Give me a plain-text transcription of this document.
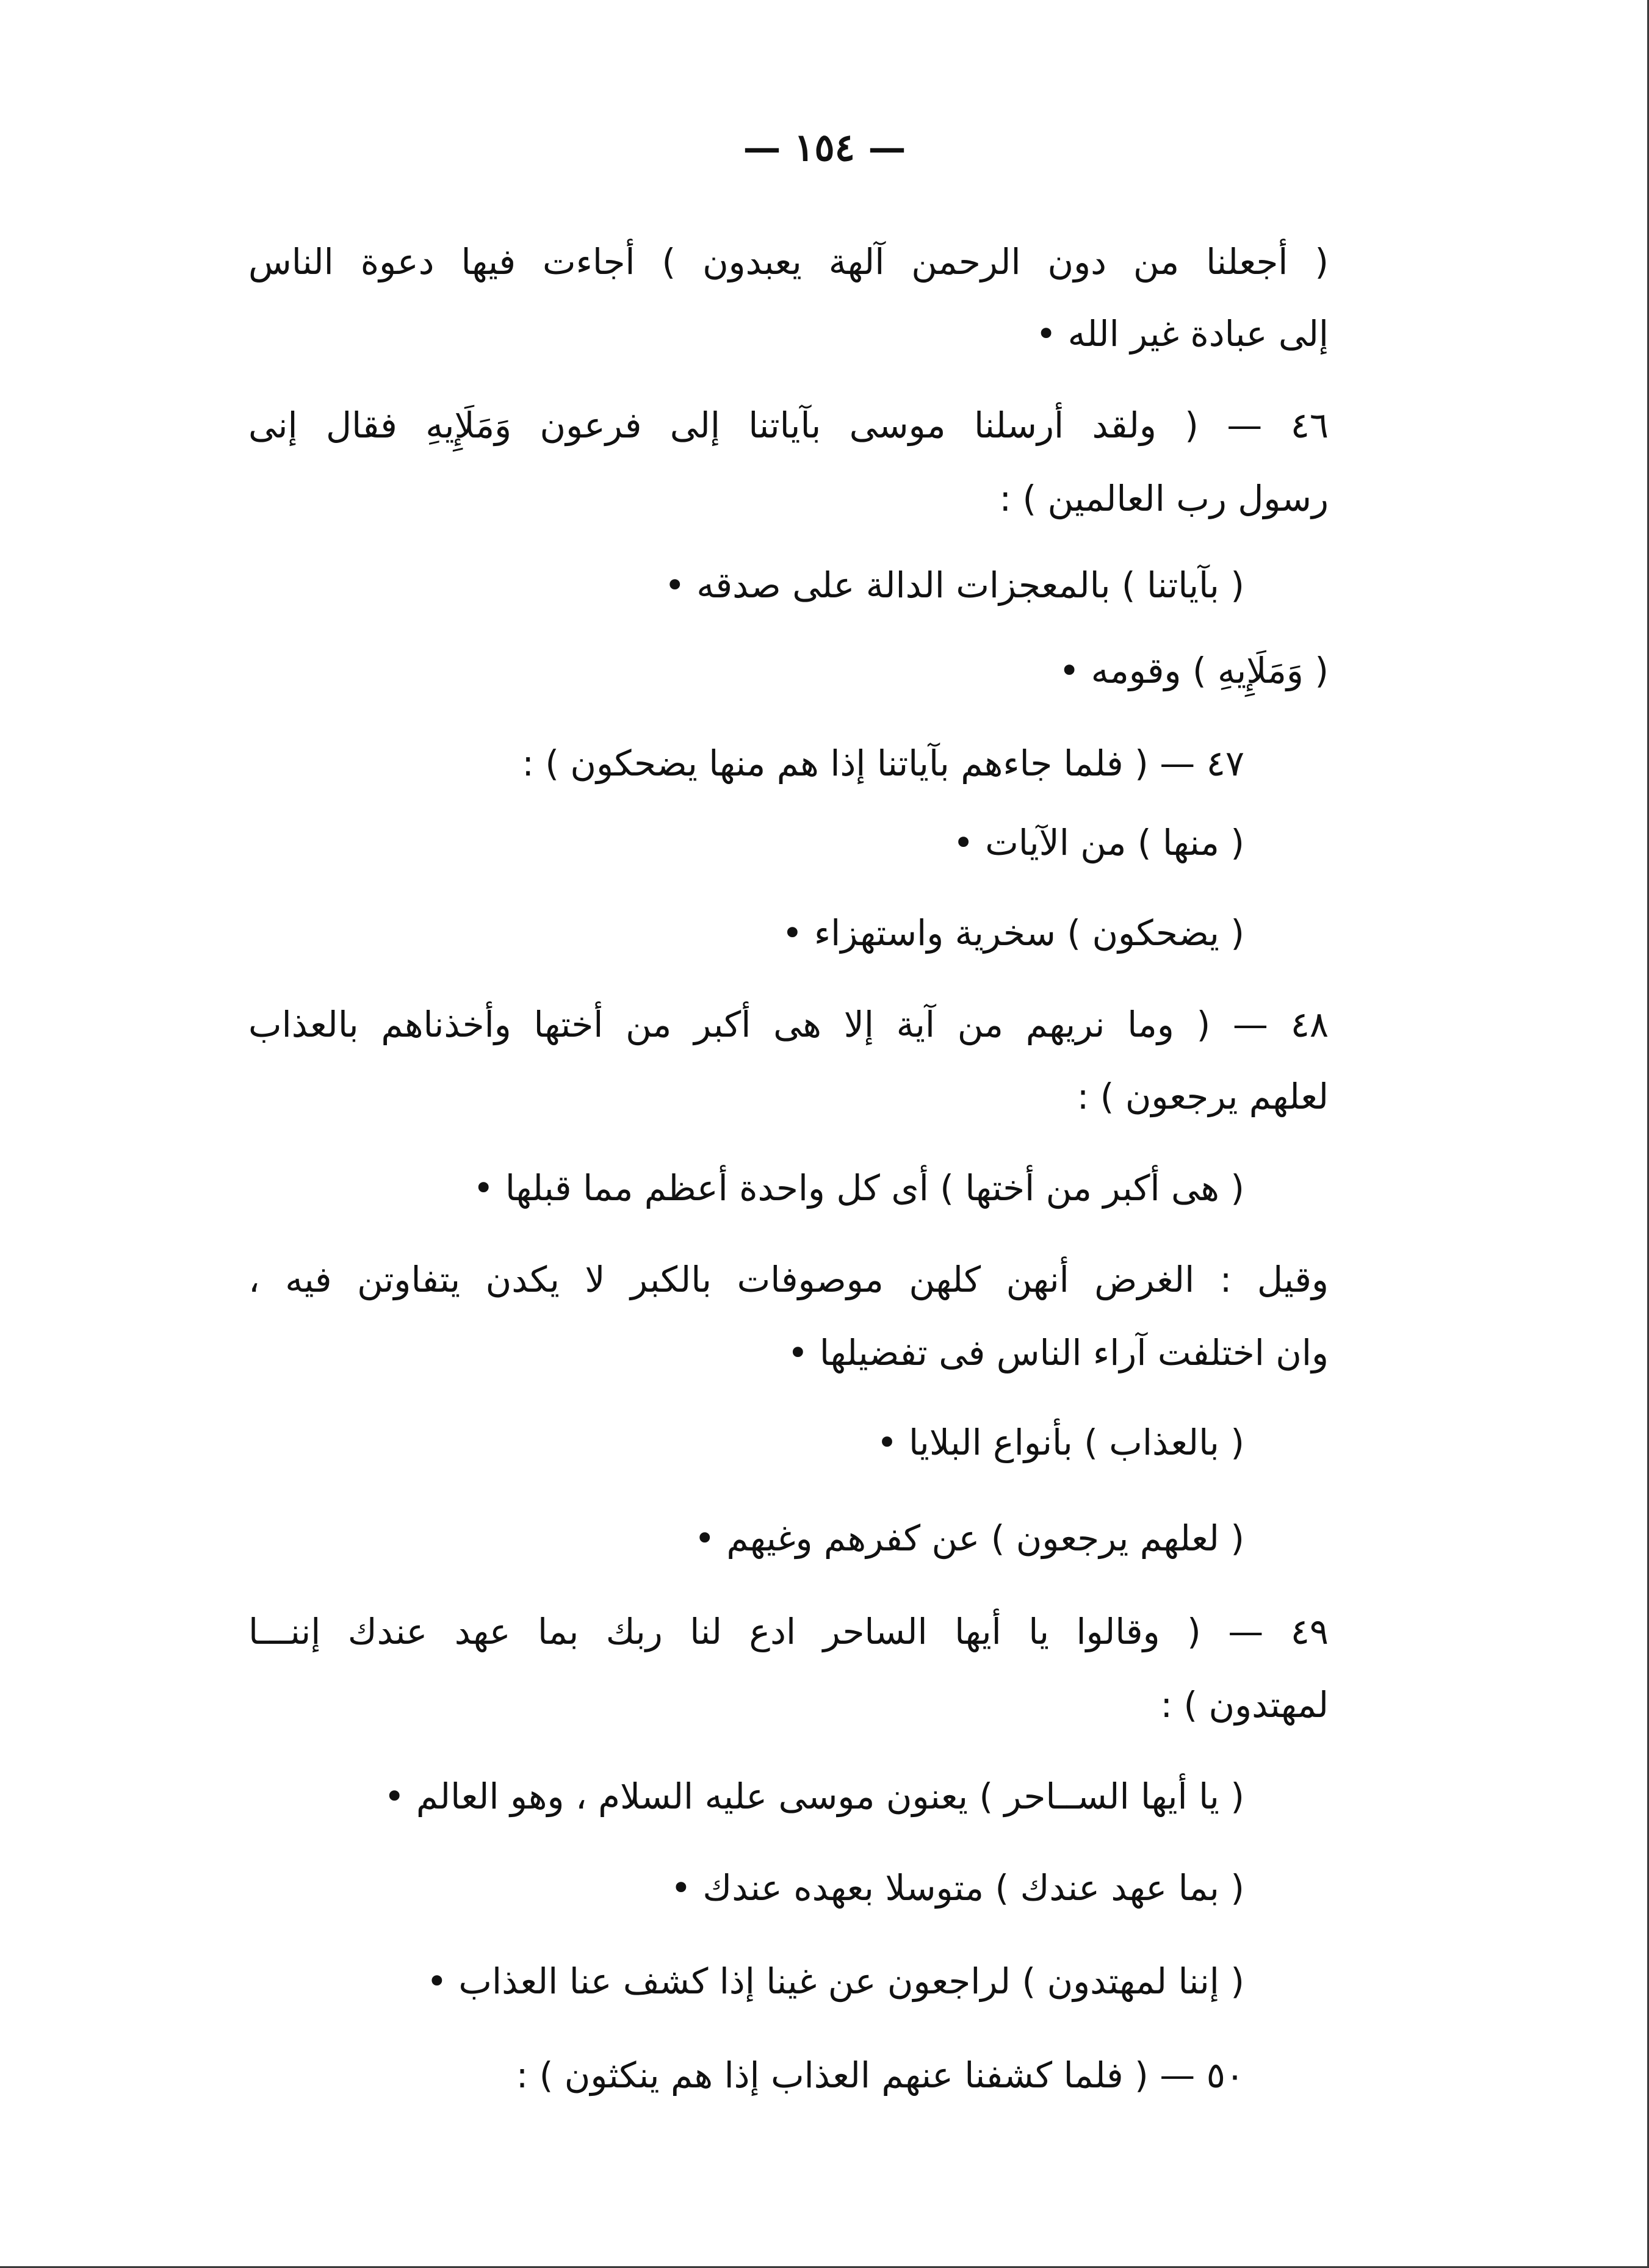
— ١٥٤ —
( أجعلنا من دون الرحمن آلهة يعبدون ) أجاءت فيها دعوة الناس
إلى عبادة غير الله •
٤٦ — ( ولقد أرسلنا موسى بآياتنا إلى فرعون وَمَلَإِيهِ فقال إنى
رسول رب العالمين ) :
( بآياتنا ) بالمعجزات الدالة على صدقه •
( وَمَلَإِيهِ ) وقومه •
٤٧ — ( فلما جاءهم بآياتنا إذا هم منها يضحكون ) :
( منها ) من الآيات •
( يضحكون ) سخرية واستهزاء •
٤٨ — ( وما نريهم من آية إلا هى أكبر من أختها وأخذناهم بالعذاب
لعلهم يرجعون ) :
( هى أكبر من أختها ) أى كل واحدة أعظم مما قبلها •
وقيل : الغرض أنهن كلهن موصوفات بالكبر لا يكدن يتفاوتن فيه ،
وان اختلفت آراء الناس فى تفضيلها •
( بالعذاب ) بأنواع البلايا •
( لعلهم يرجعون ) عن كفرهم وغيهم •
٤٩ — ( وقالوا يا أيها الساحر ادع لنا ربك بما عهد عندك إننـــا
لمهتدون ) :
( يا أيها الســاحر ) يعنون موسى عليه السلام ، وهو العالم •
( بما عهد عندك ) متوسلا بعهده عندك •
( إننا لمهتدون ) لراجعون عن غينا إذا كشف عنا العذاب •
٥٠ — ( فلما كشفنا عنهم العذاب إذا هم ينكثون ) :
